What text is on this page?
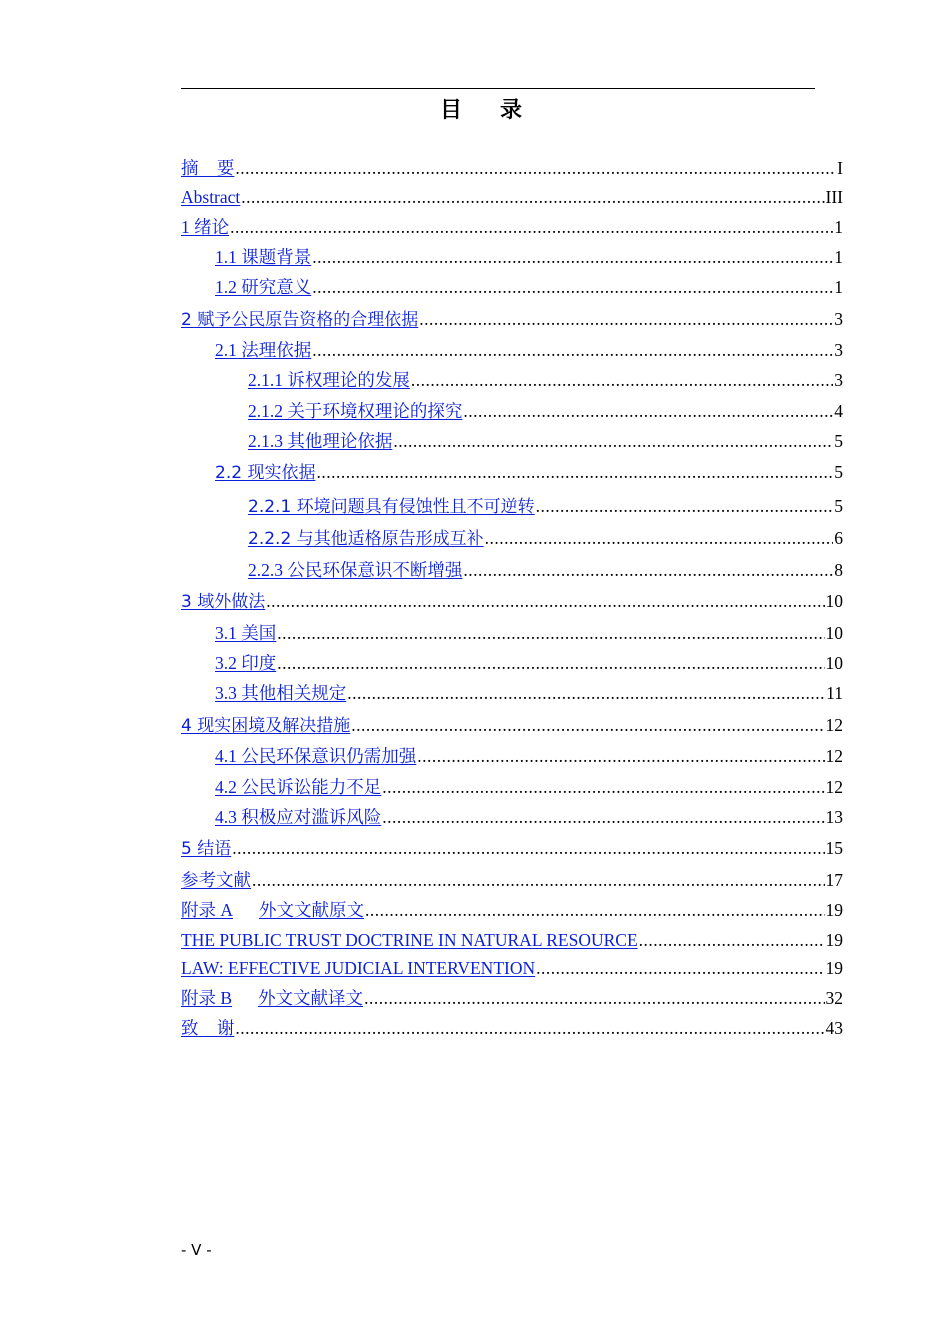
目录
摘 要 .....	I
Abstract .....	III
1 绪论 .....	1
1.1 课题背景 .....	1
1.2 研究意义 .....	1
2 赋予公民原告资格的合理依据 .....	3
2.1 法理依据 .....	3
2.1.1 诉权理论的发展 .....	3
2.1.2 关于环境权理论的探究 .....	4
2.1.3 其他理论依据 .....	5
2.2 现实依据 .....	5
2.2.1 环境问题具有侵蚀性且不可逆转 .....	5
2.2.2 与其他适格原告形成互补 .....	6
2.2.3 公民环保意识不断增强 .....	8
3 域外做法 .....	10
3.1 美国 .....	10
3.2 印度 .....	10
3.3 其他相关规定 .....	11
4 现实困境及解决措施 .....	12
4.1 公民环保意识仍需加强 .....	12
4.2 公民诉讼能力不足 .....	12
4.3 积极应对滥诉风险 .....	13
5 结语 .....	15
参考文献 .....	17
附录 A 外文文献原文 .....	19
THE PUBLIC TRUST DOCTRINE IN NATURAL RESOURCE .....	19
LAW: EFFECTIVE JUDICIAL INTERVENTION .....	19
附录 B 外文文献译文 .....	32
致 谢 .....	43
- V -
